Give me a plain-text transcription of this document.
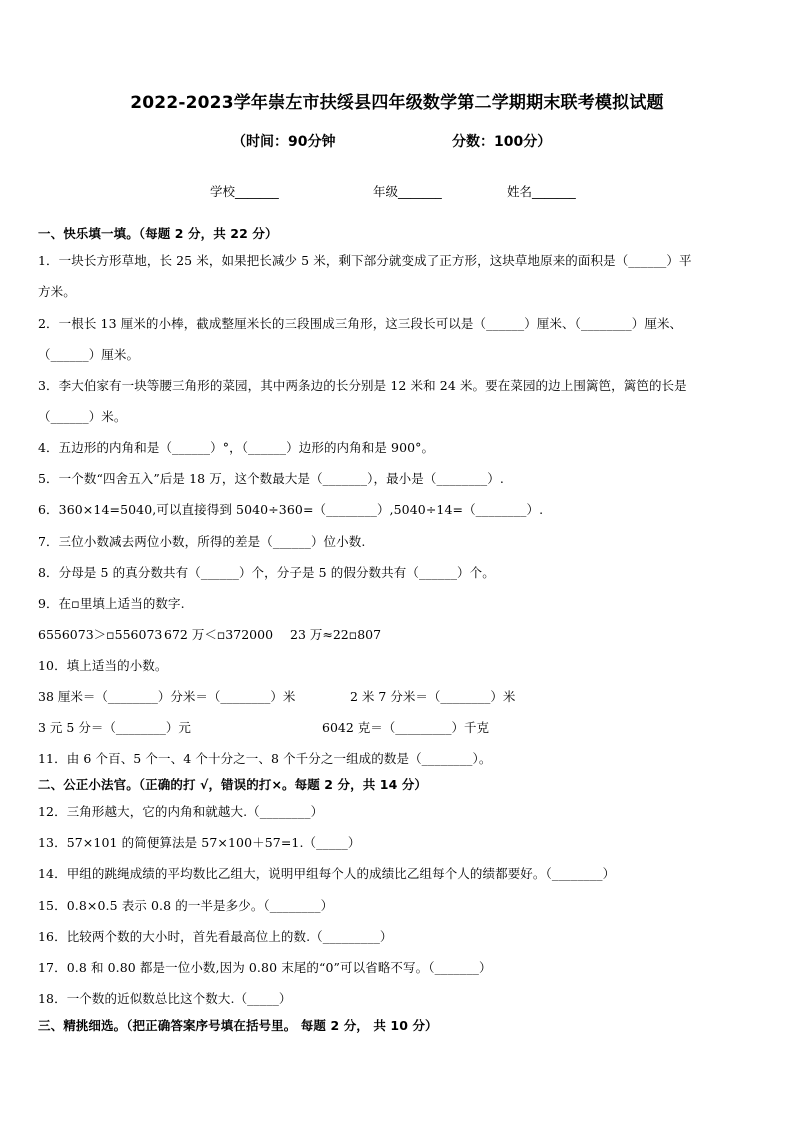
2022-2023学年崇左市扶绥县四年级数学第二学期期末联考模拟试题
（时间：90分钟	分数：100分）
学校_______	年级_______	姓名_______
一、快乐填一填。（每题 2 分，共 22 分）
1．一块长方形草地，长 25 米，如果把长减少 5 米，剩下部分就变成了正方形，这块草地原来的面积是（______）平
方米。
2．一根长 13 厘米的小棒，截成整厘米长的三段围成三角形，这三段长可以是（______）厘米、（________）厘米、
（______）厘米。
3．李大伯家有一块等腰三角形的菜园，其中两条边的长分别是 12 米和 24 米。要在菜园的边上围篱笆，篱笆的长是
（______）米。
4．五边形的内角和是（______）°，（______）边形的内角和是 900°。
5．一个数“四舍五入”后是 18 万，这个数最大是（_______），最小是（________）.
6．360×14=5040,可以直接得到 5040÷360=（________）,5040÷14=（________）.
7．三位小数减去两位小数，所得的差是（______）位小数.
8．分母是 5 的真分数共有（______）个，分子是 5 的假分数共有（______）个。
9．在▫里填上适当的数字.
6556073＞▫556073 672 万＜▫372000 23 万≈22▫807
10．填上适当的小数。
38 厘米＝（________）分米＝（________）米	2 米 7 分米＝（________）米
3 元 5 分＝（________）元	6042 克＝（_________）千克
11．由 6 个百、5 个一、4 个十分之一、8 个千分之一组成的数是（________）。
二、公正小法官。（正确的打 √，错误的打×。每题 2 分，共 14 分）
12．三角形越大，它的内角和就越大.（________）
13．57×101 的简便算法是 57×100＋57=1.（_____）
14．甲组的跳绳成绩的平均数比乙组大，说明甲组每个人的成绩比乙组每个人的绩都要好。（________）
15．0.8×0.5 表示 0.8 的一半是多少。（________）
16．比较两个数的大小时，首先看最高位上的数.（_________）
17．0.8 和 0.80 都是一位小数,因为 0.80 末尾的“0”可以省略不写。（_______）
18．一个数的近似数总比这个数大.（_____）
三、精挑细选。（把正确答案序号填在括号里。 每题 2 分， 共 10 分）
